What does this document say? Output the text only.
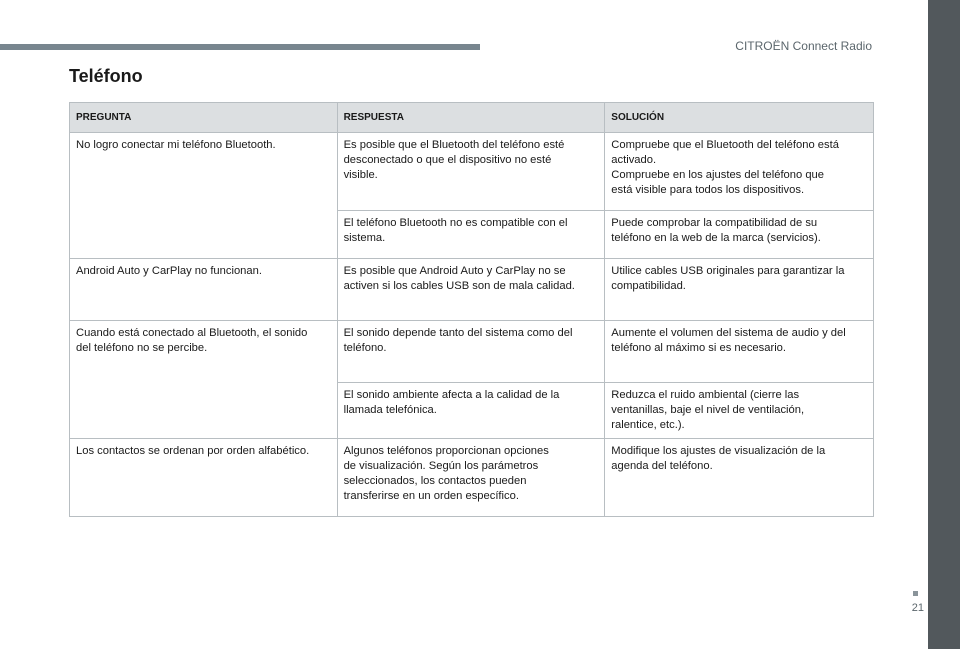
CITROËN Connect Radio
Teléfono
PREGUNTA	RESPUESTA	SOLUCIÓN
No logro conectar mi teléfono Bluetooth.	Es posible que el Bluetooth del teléfono esté
desconectado o que el dispositivo no esté
visible.	Compruebe que el Bluetooth del teléfono está
activado.
Compruebe en los ajustes del teléfono que
está visible para todos los dispositivos.

	El teléfono Bluetooth no es compatible con el
sistema.	Puede comprobar la compatibilidad de su
teléfono en la web de la marca (servicios).

Android Auto y CarPlay no funcionan.	Es posible que Android Auto y CarPlay no se
activen si los cables USB son de mala calidad.	Utilice cables USB originales para garantizar la
compatibilidad.

Cuando está conectado al Bluetooth, el sonido
del teléfono no se percibe.	El sonido depende tanto del sistema como del
teléfono.	Aumente el volumen del sistema de audio y del
teléfono al máximo si es necesario.

	El sonido ambiente afecta a la calidad de la
llamada telefónica.	Reduzca el ruido ambiental (cierre las
ventanillas, baje el nivel de ventilación,
ralentice, etc.).

Los contactos se ordenan por orden alfabético.	Algunos teléfonos proporcionan opciones
de visualización. Según los parámetros
seleccionados, los contactos pueden
transferirse en un orden específico.	Modifique los ajustes de visualización de la
agenda del teléfono.
21
